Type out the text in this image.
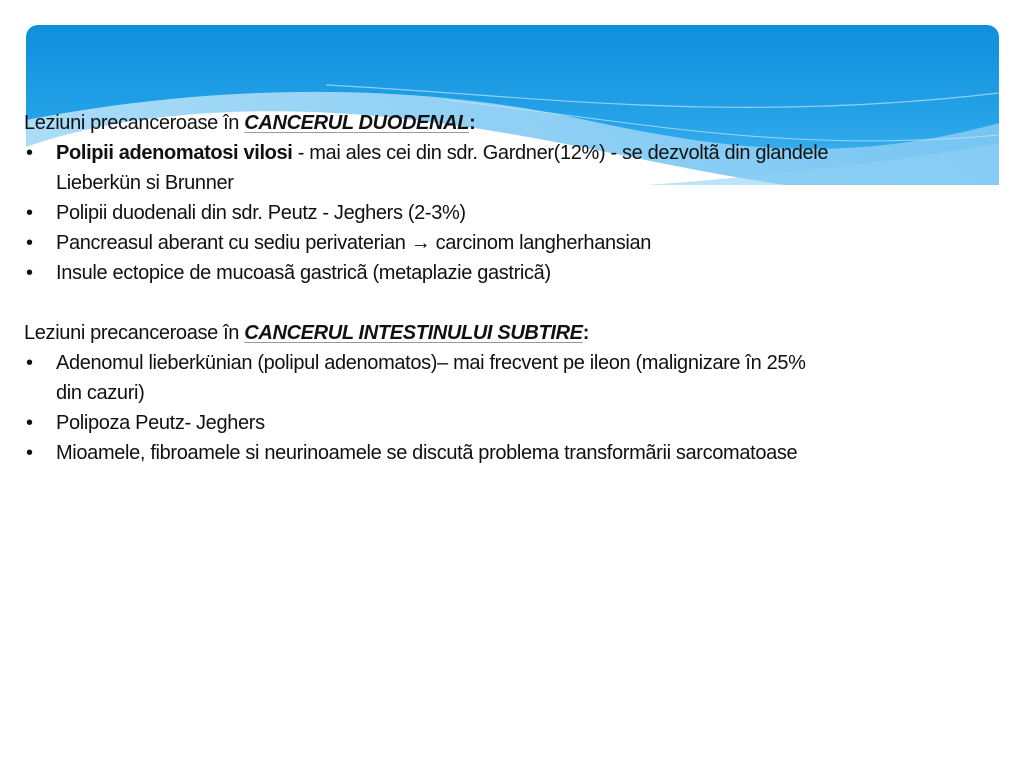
Leziuni precanceroase în CANCERUL DUODENAL:
• Polipii adenomatosi vilosi - mai ales cei din sdr. Gardner(12%) - se dezvoltã din glandele
Lieberkün si Brunner
• Polipii duodenali din sdr. Peutz - Jeghers (2-3%)
• Pancreasul aberant cu sediu perivaterian → carcinom langherhansian
• Insule ectopice de mucoasã gastricã (metaplazie gastricã)
Leziuni precanceroase în CANCERUL INTESTINULUI SUBTIRE:
• Adenomul lieberkünian (polipul adenomatos)– mai frecvent pe ileon (malignizare în 25%
din cazuri)
• Polipoza Peutz- Jeghers
• Mioamele, fibroamele si neurinoamele se discutã problema transformãrii sarcomatoase
